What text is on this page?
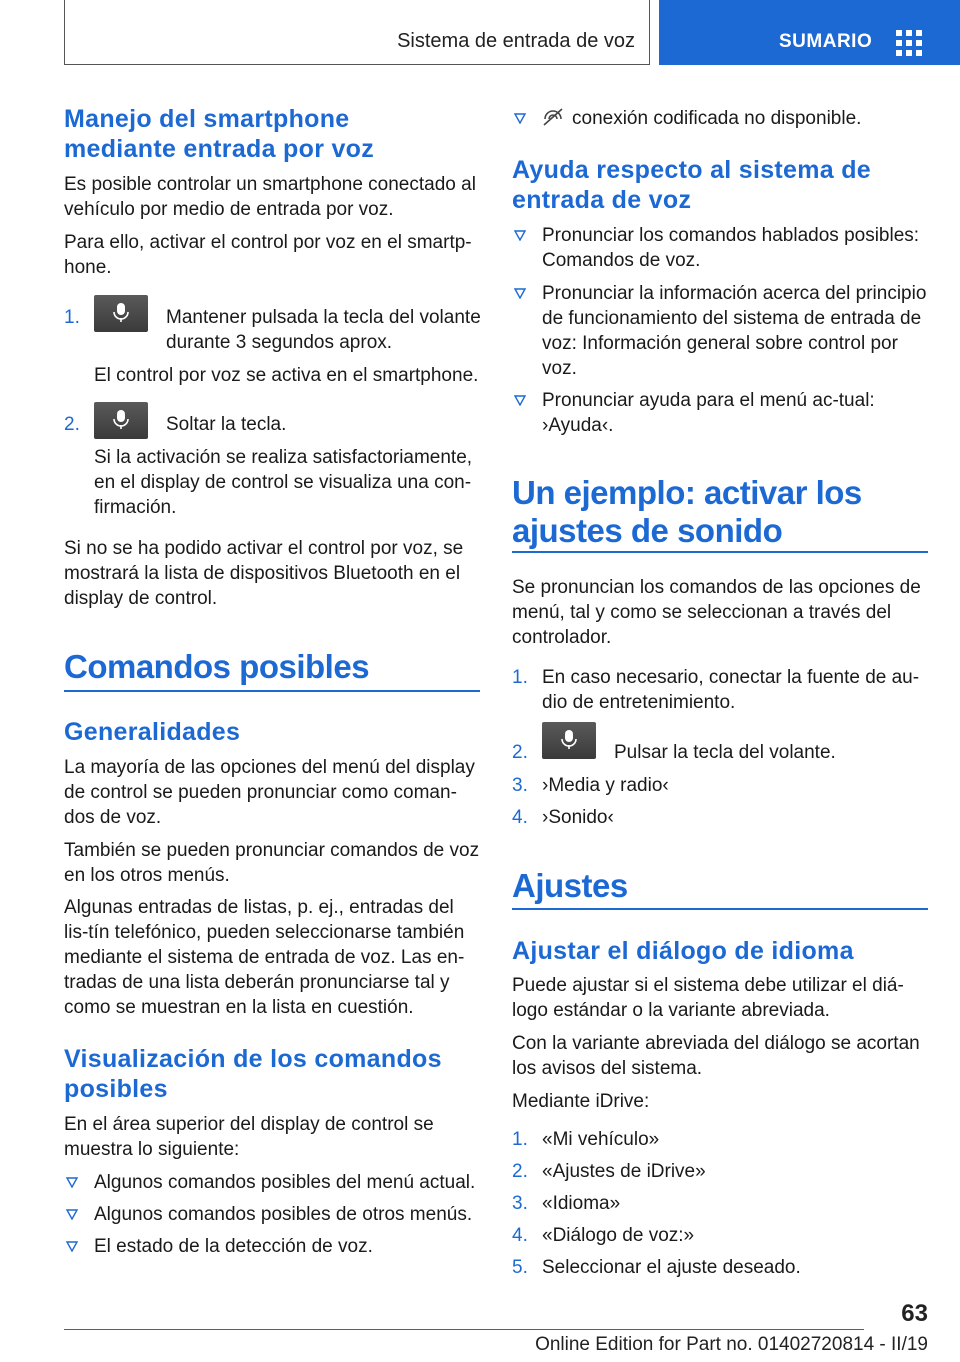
Sistema de entrada de voz	SUMARIO
Manejo del smartphone mediante entrada por voz
Es posible controlar un smartphone conectado al vehículo por medio de entrada por voz.
Para ello, activar el control por voz en el smartp‐hone.
1.	Mantener pulsada la tecla del volante durante 3 segundos aprox.
El control por voz se activa en el smartphone.
2.	Soltar la tecla.
Si la activación se realiza satisfactoriamente, en el display de control se visualiza una con‐firmación.
Si no se ha podido activar el control por voz, se mostrará la lista de dispositivos Bluetooth en el display de control.
Comandos posibles
Generalidades
La mayoría de las opciones del menú del display de control se pueden pronunciar como coman‐dos de voz.
También se pueden pronunciar comandos de voz en los otros menús.
Algunas entradas de listas, p. ej., entradas del lis‐tín telefónico, pueden seleccionarse también mediante el sistema de entrada de voz. Las en‐tradas de una lista deberán pronunciarse tal y como se muestran en la lista en cuestión.
Visualización de los comandos posibles
En el área superior del display de control se muestra lo siguiente:
Algunos comandos posibles del menú actual.
Algunos comandos posibles de otros menús.
El estado de la detección de voz.
conexión codificada no disponible.
Ayuda respecto al sistema de entrada de voz
Pronunciar los comandos hablados posibles: Comandos de voz.
Pronunciar la información acerca del principio de funcionamiento del sistema de entrada de voz: Información general sobre control por voz.
Pronunciar ayuda para el menú ac‐tual: ›Ayuda‹.
Un ejemplo: activar los ajustes de sonido
Se pronuncian los comandos de las opciones de menú, tal y como se seleccionan a través del controlador.
1. En caso necesario, conectar la fuente de au‐dio de entretenimiento.
2.	Pulsar la tecla del volante.
3. ›Media y radio‹
4. ›Sonido‹
Ajustes
Ajustar el diálogo de idioma
Puede ajustar si el sistema debe utilizar el diá‐logo estándar o la variante abreviada.
Con la variante abreviada del diálogo se acortan los avisos del sistema.
Mediante iDrive:
1. «Mi vehículo»
2. «Ajustes de iDrive»
3. «Idioma»
4. «Diálogo de voz:»
5. Seleccionar el ajuste deseado.
63
Online Edition for Part no. 01402720814 - II/19
